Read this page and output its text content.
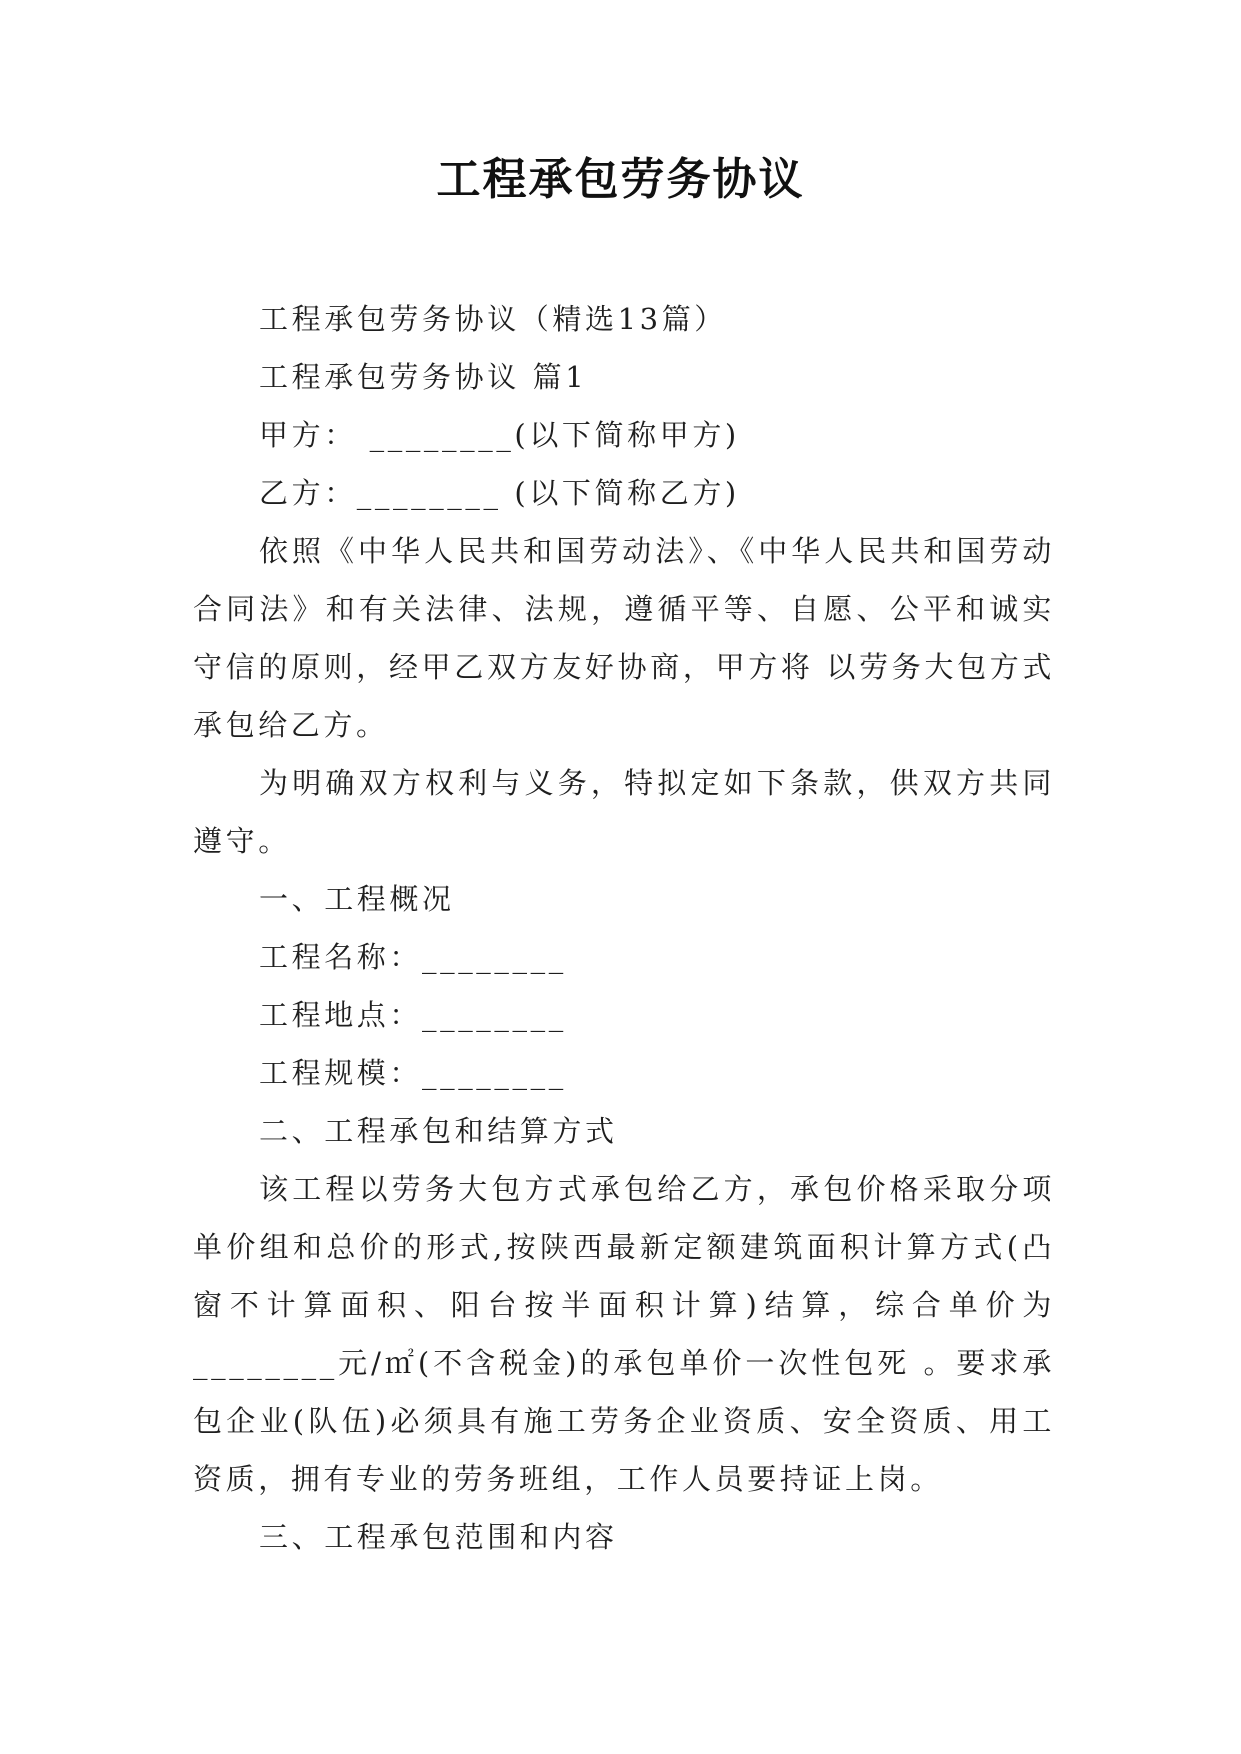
工程承包劳务协议

工程承包劳务协议（精选13篇）

工程承包劳务协议 篇1

甲方： ________(以下简称甲方)

乙方：________ (以下简称乙方)

依照《中华人民共和国劳动法》、《中华人民共和国劳动合同法》和有关法律、法规，遵循平等、自愿、公平和诚实守信的原则，经甲乙双方友好协商，甲方将 以劳务大包方式承包给乙方。

为明确双方权利与义务，特拟定如下条款，供双方共同遵守。

一、工程概况

工程名称：________

工程地点：________

工程规模：________

二、工程承包和结算方式

该工程以劳务大包方式承包给乙方，承包价格采取分项单价组和总价的形式,按陕西最新定额建筑面积计算方式(凸窗不计算面积、阳台按半面积计算)结算，综合单价为________元/㎡(不含税金)的承包单价一次性包死 。要求承包企业(队伍)必须具有施工劳务企业资质、安全资质、用工资质，拥有专业的劳务班组，工作人员要持证上岗。

三、工程承包范围和内容
